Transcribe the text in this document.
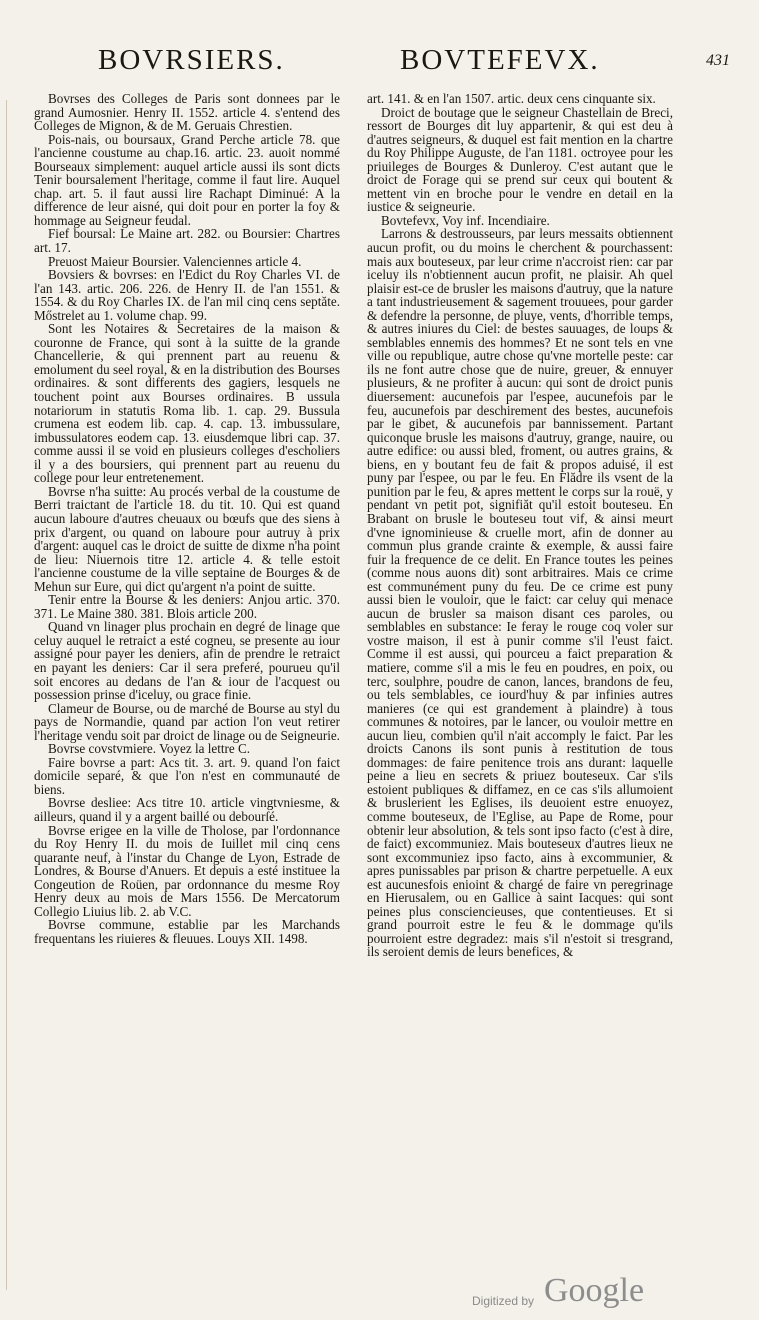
BOVRSIERS.	BOVTEFEVX.	431

Bovrses des Colleges de Paris sont donnees par le grand Aumosnier. Henry II. 1552. article 4. s'entend des Colleges de Mignon, & de M. Geruais Chrestien.

Pois-nais, ou boursaux, Grand Perche article 78. que l'ancienne coustume au chap.16. artic. 23. auoit nommé Bourseaux simplement: auquel article aussi ils sont dicts Tenir boursalement l'heritage, comme il faut lire. Auquel chap. art. 5. il faut aussi lire Rachapt Diminué: A la difference de leur aisné, qui doit pour en porter la foy & hommage au Seigneur feudal.

Fief boursal: Le Maine art. 282. ou Boursier: Chartres art. 17.

Preuost Maieur Boursier. Valenciennes article 4.

Bovsiers & bovrses: en l'Edict du Roy Charles VI. de l'an 143. artic. 206. 226. de Henry II. de l'an 1551. & 1554. & du Roy Charles IX. de l'an mil cinq cens septăte. Mőstrelet au 1. volume chap. 99.

Sont les Notaires & Secretaires de la maison & couronne de France, qui sont à la suitte de la grande Chancellerie, & qui prennent part au reuenu & emolument du seel royal, & en la distribution des Bourses ordinaires. & sont differents des gagiers, lesquels ne touchent point aux Bourses ordinaires. B ussula notariorum in statutis Roma lib. 1. cap. 29. Bussula crumena est eodem lib. cap. 4. cap. 13. imbussulare, imbussulatores eodem cap. 13. eiusdemque libri cap. 37. comme aussi il se void en plusieurs colleges d'escholiers il y a des boursiers, qui prennent part au reuenu du college pour leur entretenement.

Bovrse n'ha suitte: Au procés verbal de la coustume de Berri traictant de l'article 18. du tit. 10. Qui est quand aucun laboure d'autres cheuaux ou bœufs que des siens à prix d'argent, ou quand on laboure pour autruy à prix d'argent: auquel cas le droict de suitte de dixme n'ha point de lieu: Niuernois titre 12. article 4. & telle estoit l'ancienne coustume de la ville septaine de Bourges & de Mehun sur Eure, qui dict qu'argent n'a point de suitte.

Tenir entre la Bourse & les deniers: Anjou artic. 370. 371. Le Maine 380. 381. Blois article 200.

Quand vn linager plus prochain en degré de linage que celuy auquel le retraict a esté cogneu, se presente au iour assigné pour payer les deniers, afin de prendre le retraict en payant les deniers: Car il sera preferé, pourueu qu'il soit encores au dedans de l'an & iour de l'acquest ou possession prinse d'iceluy, ou grace finie.

Clameur de Bourse, ou de marché de Bourse au styl du pays de Normandie, quand par action l'on veut retirer l'heritage vendu soit par droict de linage ou de Seigneurie.

Bovrse covstvmiere. Voyez la lettre C.

Faire bovrse a part: Acs tit. 3. art. 9. quand l'on faict domicile separé, & que l'on n'est en communauté de biens.

Bovrse desliee: Acs titre 10. article vingtvniesme, & ailleurs, quand il y a argent baillé ou debourſé.

Bovrse erigee en la ville de Tholose, par l'ordonnance du Roy Henry II. du mois de Iuillet mil cinq cens quarante neuf, à l'instar du Change de Lyon, Estrade de Londres, & Bourse d'Anuers. Et depuis a esté instituee la Congeution de Roüen, par ordonnance du mesme Roy Henry deux au mois de Mars 1556. De Mercatorum Collegio Liuius lib. 2. ab V.C.

Bovrse commune, establie par les Marchands frequentans les riuieres & fleuues. Louys XII. 1498.

art. 141. & en l'an 1507. artic. deux cens cinquante six.

Droict de boutage que le seigneur Chastellain de Breci, ressort de Bourges dit luy appartenir, & qui est deu à d'autres seigneurs, & duquel est fait mention en la chartre du Roy Philippe Auguste, de l'an 1181. octroyee pour les priuileges de Bourges & Dunleroy. C'est autant que le droict de Forage qui se prend sur ceux qui boutent & mettent vin en broche pour le vendre en detail en la iustice & seigneurie.

Bovtefevx, Voy inf. Incendiaire.

Larrons & destrousseurs, par leurs messaits obtiennent aucun profit, ou du moins le cherchent & pourchassent: mais aux bouteseux, par leur crime n'accroist rien: car par iceluy ils n'obtiennent aucun profit, ne plaisir. Ah quel plaisir est-ce de brusler les maisons d'autruy, que la nature a tant industrieusement & sagement trouuees, pour garder & defendre la personne, de pluye, vents, d'horrible temps, & autres iniures du Ciel: de bestes sauuages, de loups & semblables ennemis des hommes? Et ne sont tels en vne ville ou republique, autre chose qu'vne mortelle peste: car ils ne font autre chose que de nuire, greuer, & ennuyer plusieurs, & ne profiter à aucun: qui sont de droict punis diuersement: aucunefois par l'espee, aucunefois par le feu, aucunefois par deschirement des bestes, aucunefois par le gibet, & aucunefois par bannissement. Partant quiconque brusle les maisons d'autruy, grange, nauire, ou autre edifice: ou aussi bled, froment, ou autres grains, & biens, en y boutant feu de fait & propos aduisé, il est puny par l'espee, ou par le feu. En Flădre ils vsent de la punition par le feu, & apres mettent le corps sur la rouë, y pendant vn petit pot, signifiăt qu'il estoit bouteseu. En Brabant on brusle le bouteseu tout vif, & ainsi meurt d'vne ignominieuse & cruelle mort, afin de donner au commun plus grande crainte & exemple, & aussi faire fuir la frequence de ce delit. En France toutes les peines (comme nous auons dit) sont arbitraires. Mais ce crime est communément puny du feu. De ce crime est puny aussi bien le vouloir, que le faict: car celuy qui menace aucun de brusler sa maison disant ces paroles, ou semblables en substance: Ie feray le rouge coq voler sur vostre maison, il est à punir comme s'il l'eust faict. Comme il est aussi, qui pourceu a faict preparation & matiere, comme s'il a mis le feu en poudres, en poix, ou terc, soulphre, poudre de canon, lances, brandons de feu, ou tels semblables, ce iourd'huy & par infinies autres manieres (ce qui est grandement à plaindre) à tous communes & notoires, par le lancer, ou vouloir mettre en aucun lieu, combien qu'il n'ait accomply le faict. Par les droicts Canons ils sont punis à restitution de tous dommages: de faire penitence trois ans durant: laquelle peine a lieu en secrets & priuez bouteseux. Car s'ils estoient publiques & diffamez, en ce cas s'ils allumoient & bruslerient les Eglises, ils deuoient estre enuoyez, comme bouteseux, de l'Eglise, au Pape de Rome, pour obtenir leur absolution, & tels sont ipso facto (c'est à dire, de faict) excommuniez. Mais bouteseux d'autres lieux ne sont excommuniez ipso facto, ains à excommunier, & apres punissables par prison & chartre perpetuelle. A eux est aucunesfois enioint & chargé de faire vn peregrinage en Hierusalem, ou en Gallice à saint Iacques: qui sont peines plus consciencieuses, que contentieuses. Et si grand pourroit estre le feu & le dommage qu'ils pourroient estre degradez: mais s'il n'estoit si tresgrand, ils seroient demis de leurs benefices, &

Digitized by Google
